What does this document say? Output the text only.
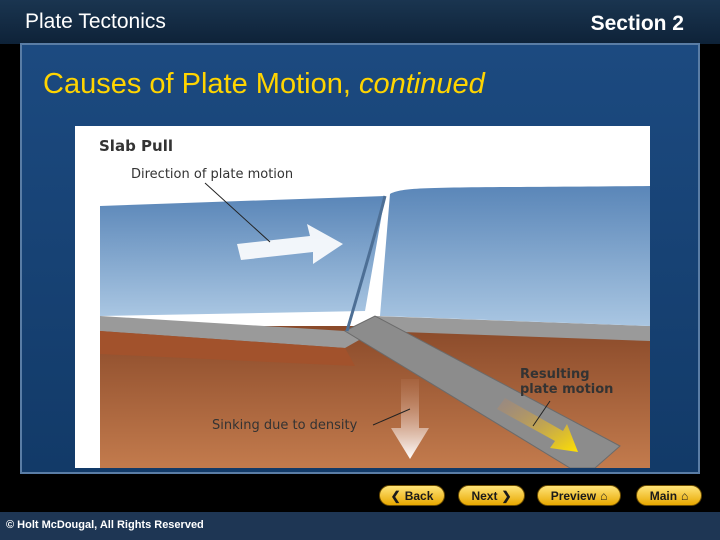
Plate Tectonics	Section 2
Causes of Plate Motion, continued
Slab Pull
Direction of plate motion
Sinking due to density
Resulting
plate motion
❮ Back	Next ❯	Preview ⌂	Main ⌂
© Holt McDougal, All Rights Reserved
